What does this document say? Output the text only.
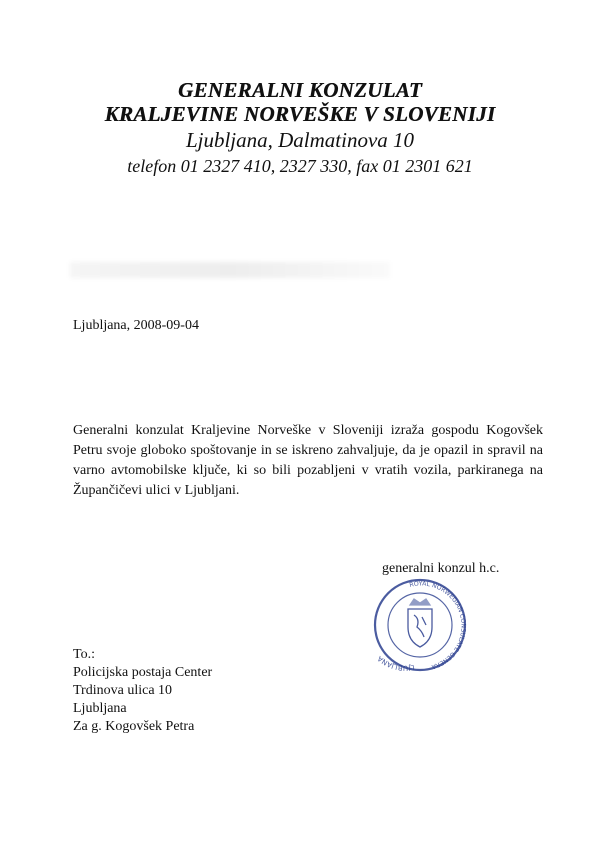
GENERALNI KONZULAT
KRALJEVINE NORVEŠKE V SLOVENIJI
Ljubljana, Dalmatinova 10
telefon 01 2327 410, 2327 330, fax 01 2301 621
Ljubljana, 2008-09-04
Generalni konzulat Kraljevine Norveške v Sloveniji izraža gospodu Kogovšek Petru svoje globoko spoštovanje in se iskreno zahvaljuje, da je opazil in spravil na varno avtomobilske ključe, ki so bili pozabljeni v vratih vozila, parkiranega na Župančičevi ulici v Ljubljani.
generalni konzul h.c.
LJUBLJANA
ROYAL NORWEGIAN CONSULATE GENERA
To.:
Policijska postaja Center
Trdinova ulica 10
Ljubljana
Za g. Kogovšek Petra
